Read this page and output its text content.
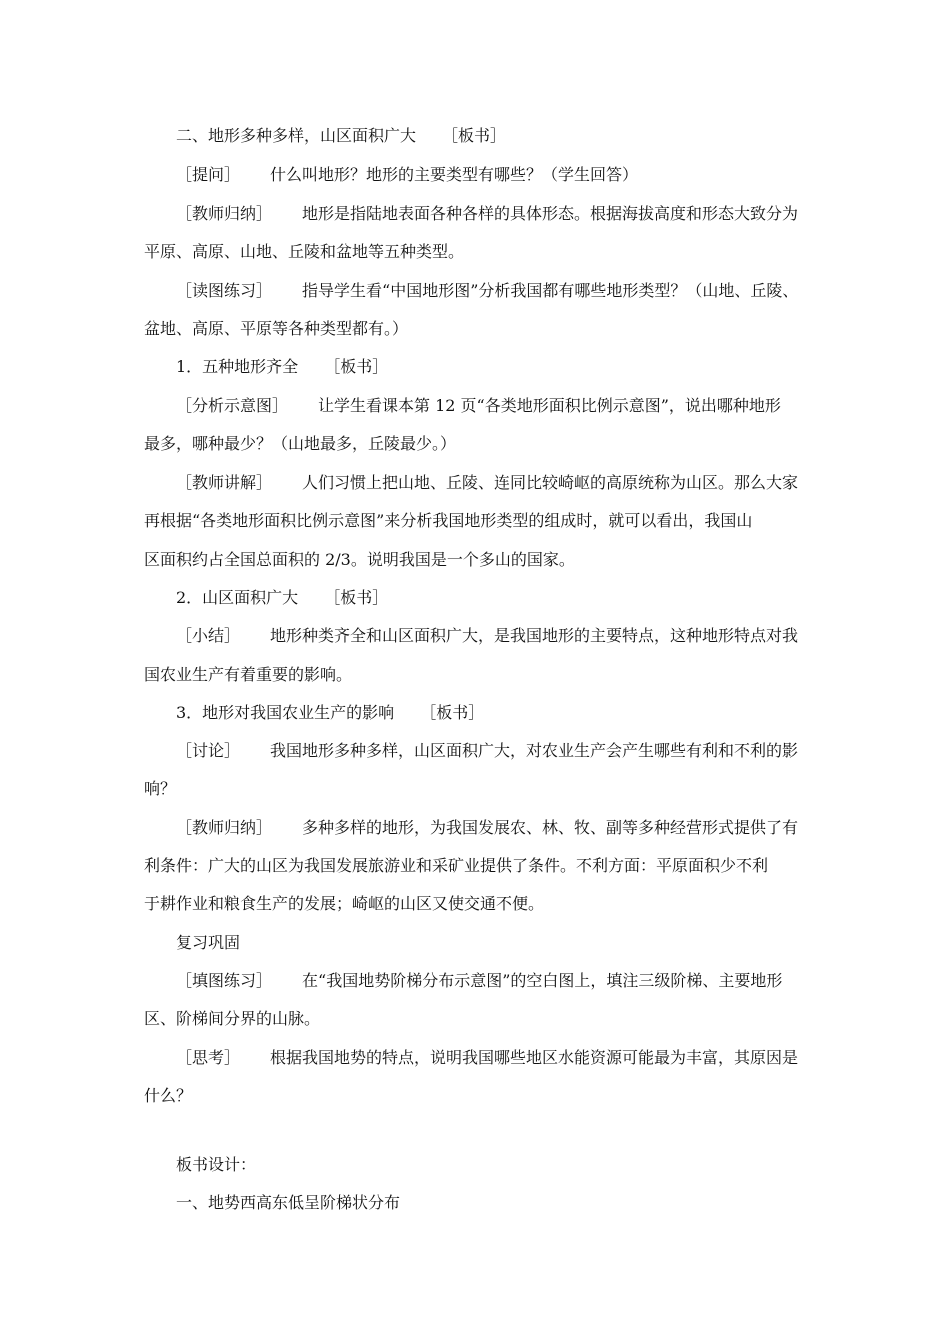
二、地形多种多样，山区面积广大 ［板书］
［提问］ 什么叫地形？地形的主要类型有哪些？（学生回答）
［教师归纳］ 地形是指陆地表面各种各样的具体形态。根据海拔高度和形态大致分为
平原、高原、山地、丘陵和盆地等五种类型。
［读图练习］ 指导学生看“中国地形图”分析我国都有哪些地形类型？（山地、丘陵、
盆地、高原、平原等各种类型都有。）
1．五种地形齐全 ［板书］
［分析示意图］ 让学生看课本第 12 页“各类地形面积比例示意图”，说出哪种地形
最多，哪种最少？（山地最多，丘陵最少。）
［教师讲解］ 人们习惯上把山地、丘陵、连同比较崎岖的高原统称为山区。那么大家
再根据“各类地形面积比例示意图”来分析我国地形类型的组成时，就可以看出，我国山
区面积约占全国总面积的 2/3。说明我国是一个多山的国家。
2．山区面积广大 ［板书］
［小结］ 地形种类齐全和山区面积广大，是我国地形的主要特点，这种地形特点对我
国农业生产有着重要的影响。
3．地形对我国农业生产的影响 ［板书］
［讨论］ 我国地形多种多样，山区面积广大，对农业生产会产生哪些有利和不利的影
响？
［教师归纳］ 多种多样的地形，为我国发展农、林、牧、副等多种经营形式提供了有
利条件：广大的山区为我国发展旅游业和采矿业提供了条件。不利方面：平原面积少不利
于耕作业和粮食生产的发展；崎岖的山区又使交通不便。
复习巩固
［填图练习］ 在“我国地势阶梯分布示意图”的空白图上，填注三级阶梯、主要地形
区、阶梯间分界的山脉。
［思考］ 根据我国地势的特点，说明我国哪些地区水能资源可能最为丰富，其原因是
什么？
板书设计：
一、地势西高东低呈阶梯状分布
